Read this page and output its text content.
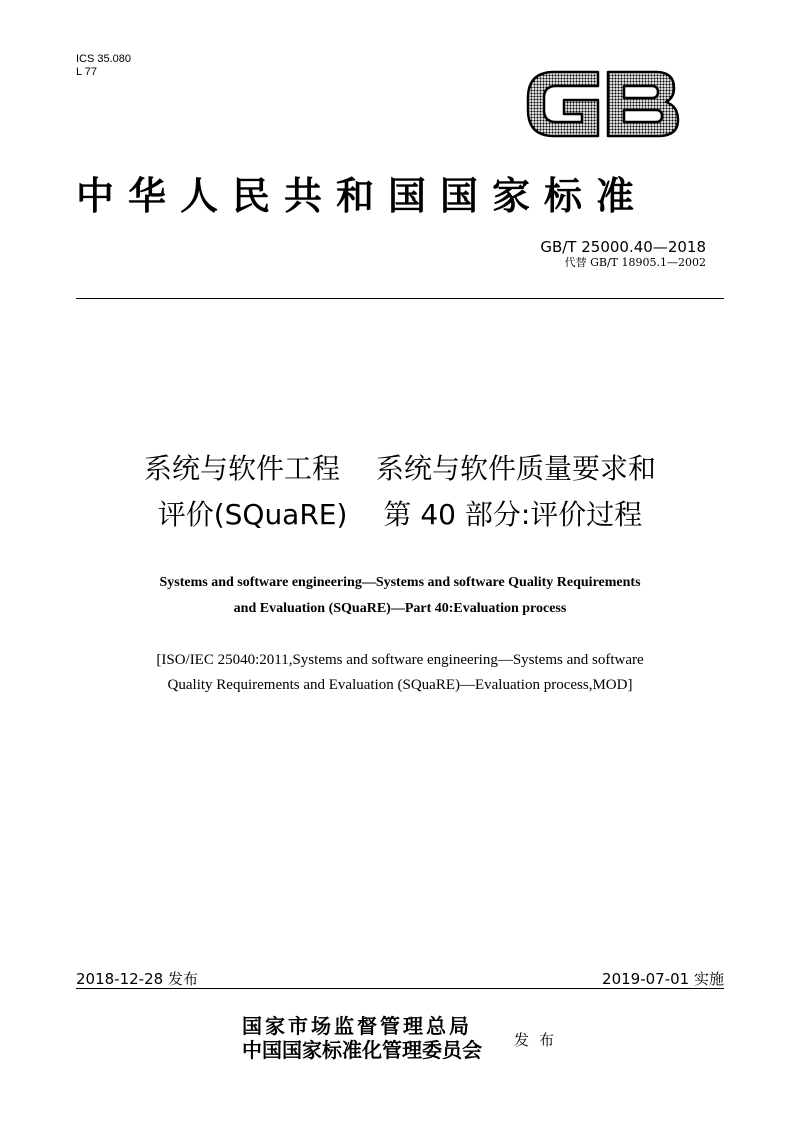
ICS 35.080
L 77
中华人民共和国国家标准
GB/T 25000.40—2018
代替 GB/T 18905.1—2002
系统与软件工程 系统与软件质量要求和
评价(SQuaRE) 第 40 部分:评价过程
Systems and software engineering—Systems and software Quality Requirements
and Evaluation (SQuaRE)—Part 40:Evaluation process
[ISO/IEC 25040:2011,Systems and software engineering—Systems and software
Quality Requirements and Evaluation (SQuaRE)—Evaluation process,MOD]
2018-12-28 发布	2019-07-01 实施
国家市场监督管理总局
中国国家标准化管理委员会 发布
